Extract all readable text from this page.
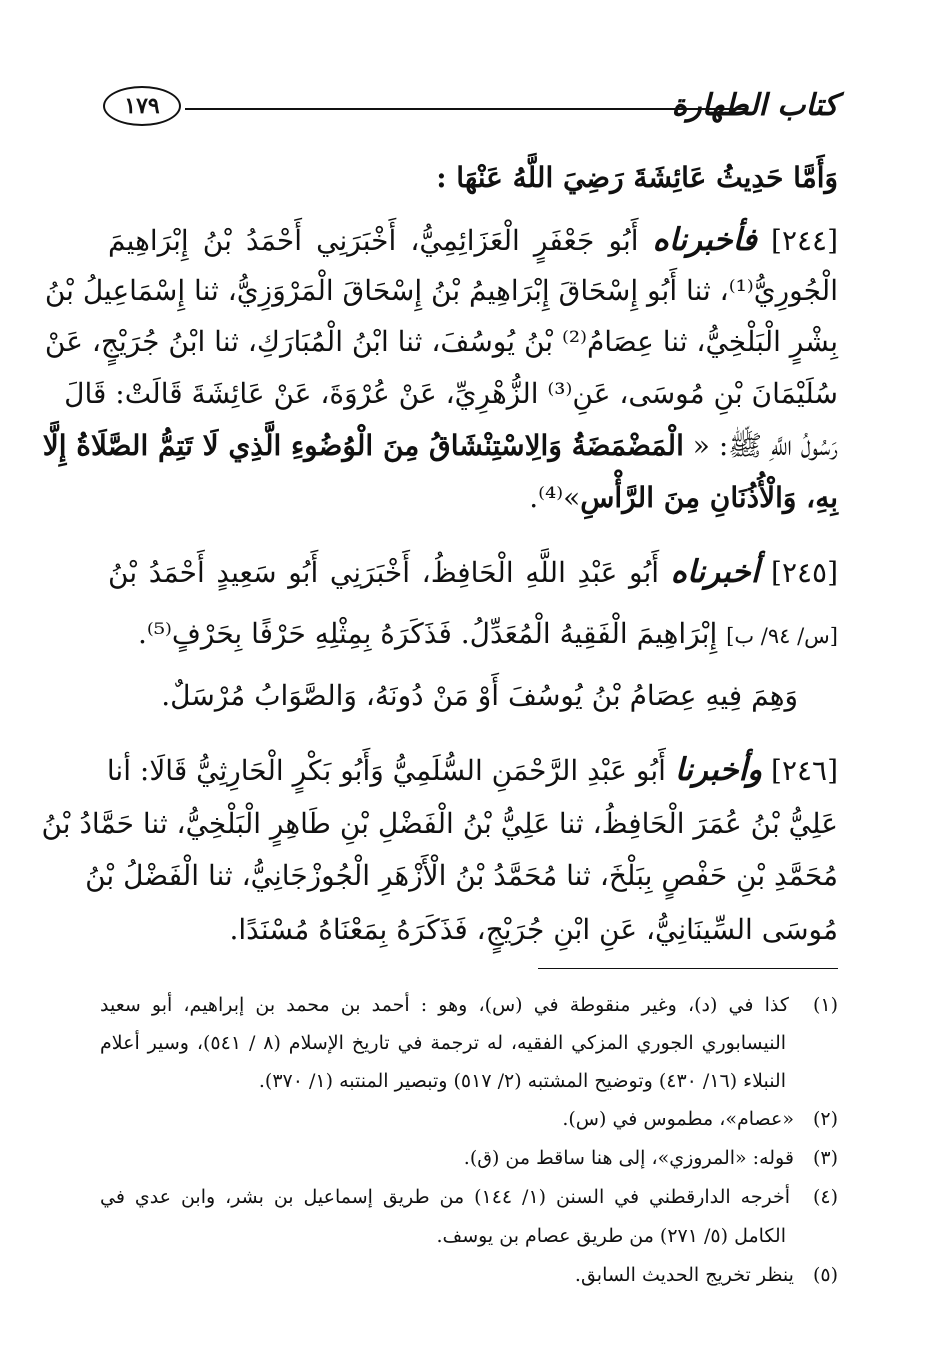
كتاب الطهارة
١٧٩
وَأَمَّا حَدِيثُ عَائِشَةَ رَضِيَ اللَّهُ عَنْهَا :
[٢٤٤] فأخبرناه أَبُو جَعْفَرٍ الْعَزَائِمِيُّ، أَخْبَرَنِي أَحْمَدُ بْنُ إِبْرَاهِيمَ
الْجُورِيُّ⁽¹⁾، ثنا أَبُو إِسْحَاقَ إِبْرَاهِيمُ بْنُ إِسْحَاقَ الْمَرْوَزِيُّ، ثنا إِسْمَاعِيلُ بْنُ
بِشْرٍ الْبَلْخِيُّ، ثنا عِصَامُ⁽²⁾ بْنُ يُوسُفَ، ثنا ابْنُ الْمُبَارَكِ، ثنا ابْنُ جُرَيْجٍ، عَنْ
سُلَيْمَانَ بْنِ مُوسَى، عَنِ⁽³⁾ الزُّهْرِيِّ، عَنْ عُرْوَةَ، عَنْ عَائِشَةَ قَالَتْ: قَالَ
رَسُولُ اللَّهِ ﷺ: « الْمَضْمَضَةُ وَالِاسْتِنْشَاقُ مِنَ الْوُضُوءِ الَّذِي لَا تَتِمُّ الصَّلَاةُ إِلَّا
بِهِ، وَالْأُذُنَانِ مِنَ الرَّأْسِ»⁽⁴⁾.
[٢٤٥] أخبرناه أَبُو عَبْدِ اللَّهِ الْحَافِظُ، أَخْبَرَنِي أَبُو سَعِيدٍ أَحْمَدُ بْنُ
[س/ ٩٤/ ب] إِبْرَاهِيمَ الْفَقِيهُ الْمُعَدِّلُ. فَذَكَرَهُ بِمِثْلِهِ حَرْفًا بِحَرْفٍ⁽⁵⁾.
وَهِمَ فِيهِ عِصَامُ بْنُ يُوسُفَ أَوْ مَنْ دُونَهُ، وَالصَّوَابُ مُرْسَلٌ.
[٢٤٦] وأخبرنا أَبُو عَبْدِ الرَّحْمَنِ السُّلَمِيُّ وَأَبُو بَكْرٍ الْحَارِثِيُّ قَالَا: أنا
عَلِيُّ بْنُ عُمَرَ الْحَافِظُ، ثنا عَلِيُّ بْنُ الْفَضْلِ بْنِ طَاهِرٍ الْبَلْخِيُّ، ثنا حَمَّادُ بْنُ
مُحَمَّدِ بْنِ حَفْصٍ بِبَلْخَ، ثنا مُحَمَّدُ بْنُ الْأَزْهَرِ الْجُوزْجَانِيُّ، ثنا الْفَضْلُ بْنُ
مُوسَى السِّينَانِيُّ، عَنِ ابْنِ جُرَيْجٍ، فَذَكَرَهُ بِمَعْنَاهُ مُسْنَدًا.
(١) كذا في (د)، وغير منقوطة في (س)، وهو : أحمد بن محمد بن إبراهيم، أبو سعيد
النيسابوري الجوري المزكي الفقيه، له ترجمة في تاريخ الإسلام (٨ / ٥٤١)، وسير أعلام
النبلاء (١٦/ ٤٣٠) وتوضيح المشتبه (٢/ ٥١٧) وتبصير المنتبه (١/ ٣٧٠).
(٢) «عصام»، مطموس في (س).
(٣) قوله: «المروزي»، إلى هنا ساقط من (ق).
(٤) أخرجه الدارقطني في السنن (١/ ١٤٤) من طريق إسماعيل بن بشر، وابن عدي في
الكامل (٥/ ٢٧١) من طريق عصام بن يوسف.
(٥) ينظر تخريج الحديث السابق.
